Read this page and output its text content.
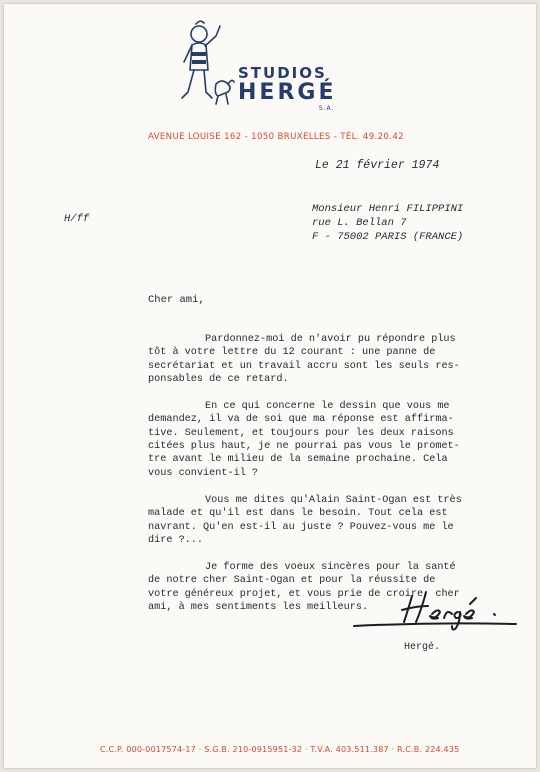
STUDIOS
HERGÉ
S.A.
AVENUE LOUISE 162 - 1050 BRUXELLES - TÉL. 49.20.42
Le 21 février 1974
H/ff
Monsieur Henri FILIPPINI
rue L. Bellan 7
F - 75002 PARIS (FRANCE)
Cher ami,
Pardonnez-moi de n'avoir pu répondre plus
tôt à votre lettre du 12 courant : une panne de
secrétariat et un travail accru sont les seuls res-
ponsables de ce retard.
En ce qui concerne le dessin que vous me
demandez, il va de soi que ma réponse est affirma-
tive. Seulement, et toujours pour les deux raisons
citées plus haut, je ne pourrai pas vous le promet-
tre avant le milieu de la semaine prochaine. Cela
vous convient-il ?
Vous me dites qu'Alain Saint-Ogan est très
malade et qu'il est dans le besoin. Tout cela est
navrant. Qu'en est-il au juste ? Pouvez-vous me le
dire ?...
Je forme des voeux sincères pour la santé
de notre cher Saint-Ogan et pour la réussite de
votre généreux projet, et vous prie de croire, cher
ami, à mes sentiments les meilleurs.
Hergé.
C.C.P. 000-0017574-17 · S.G.B. 210-0915951-32 · T.V.A. 403.511.387 · R.C.B. 224.435
